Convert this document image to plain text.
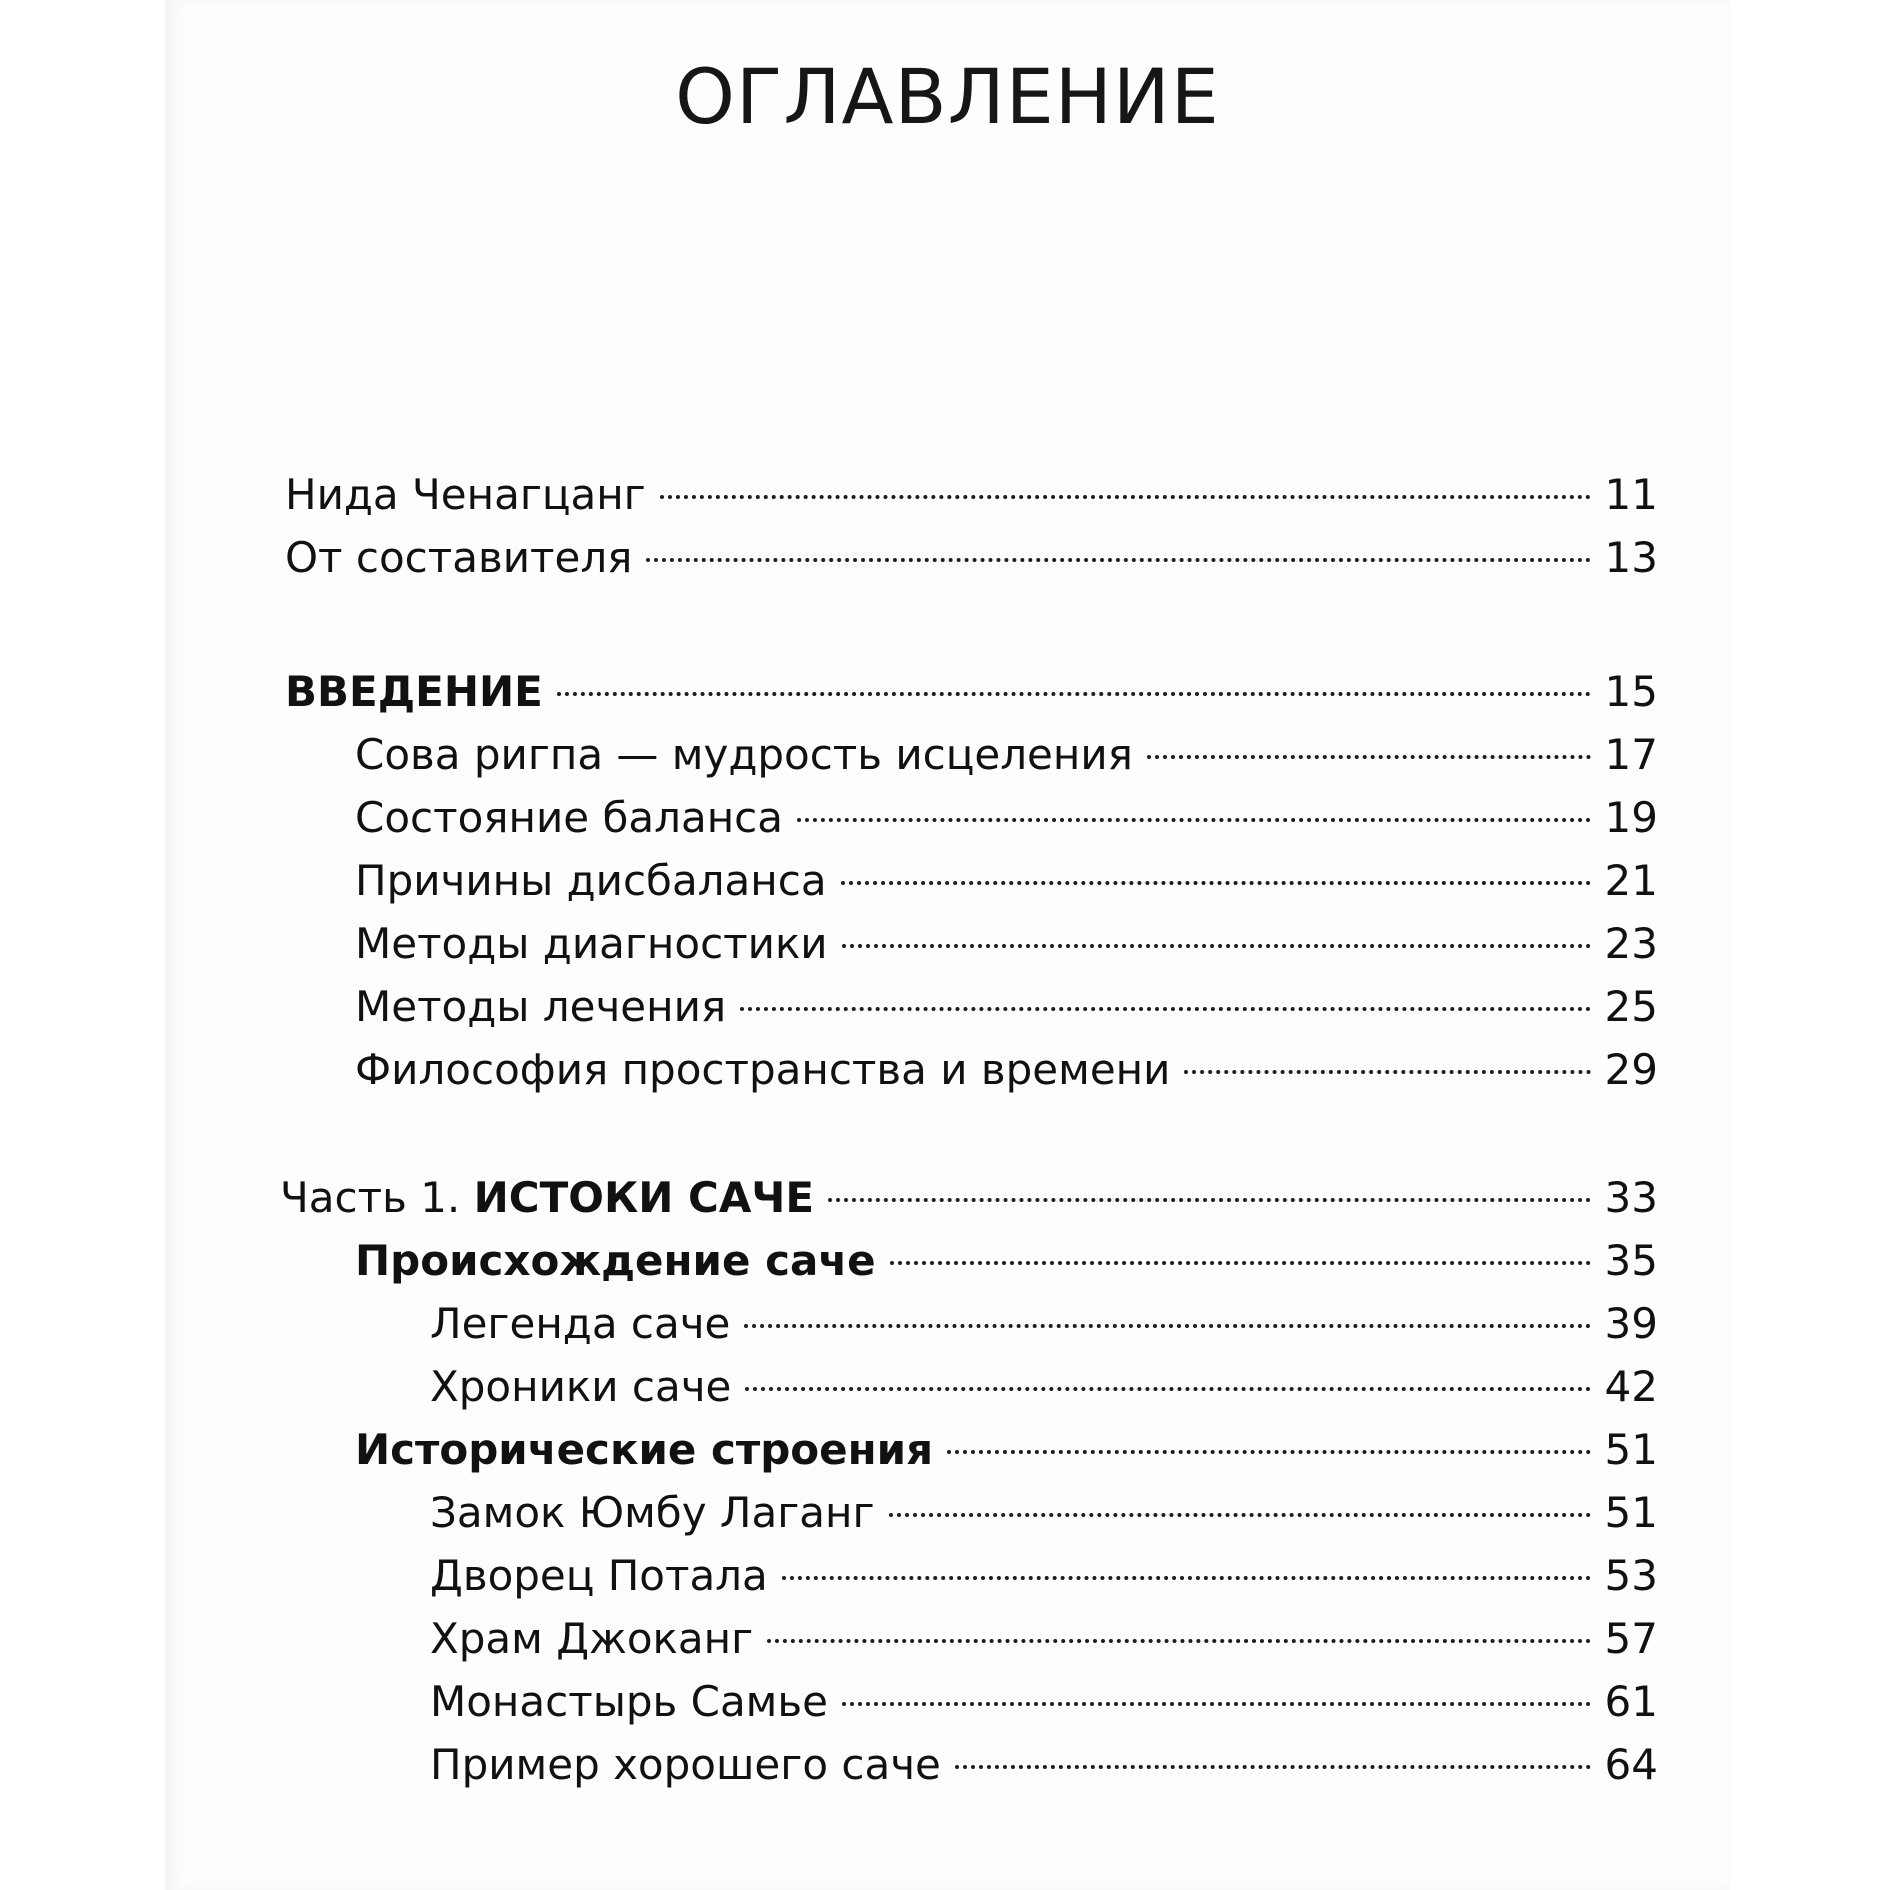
ОГЛАВЛЕНИЕ
Нида Ченагцанг	11
От составителя	13
ВВЕДЕНИЕ	15
Сова ригпа — мудрость исцеления	17
Состояние баланса	19
Причины дисбаланса	21
Методы диагностики	23
Методы лечения	25
Философия пространства и времени	29
Часть 1. ИСТОКИ САЧЕ	33
Происхождение саче	35
Легенда саче	39
Хроники саче	42
Исторические строения	51
Замок Юмбу Лаганг	51
Дворец Потала	53
Храм Джоканг	57
Монастырь Самье	61
Пример хорошего саче	64
